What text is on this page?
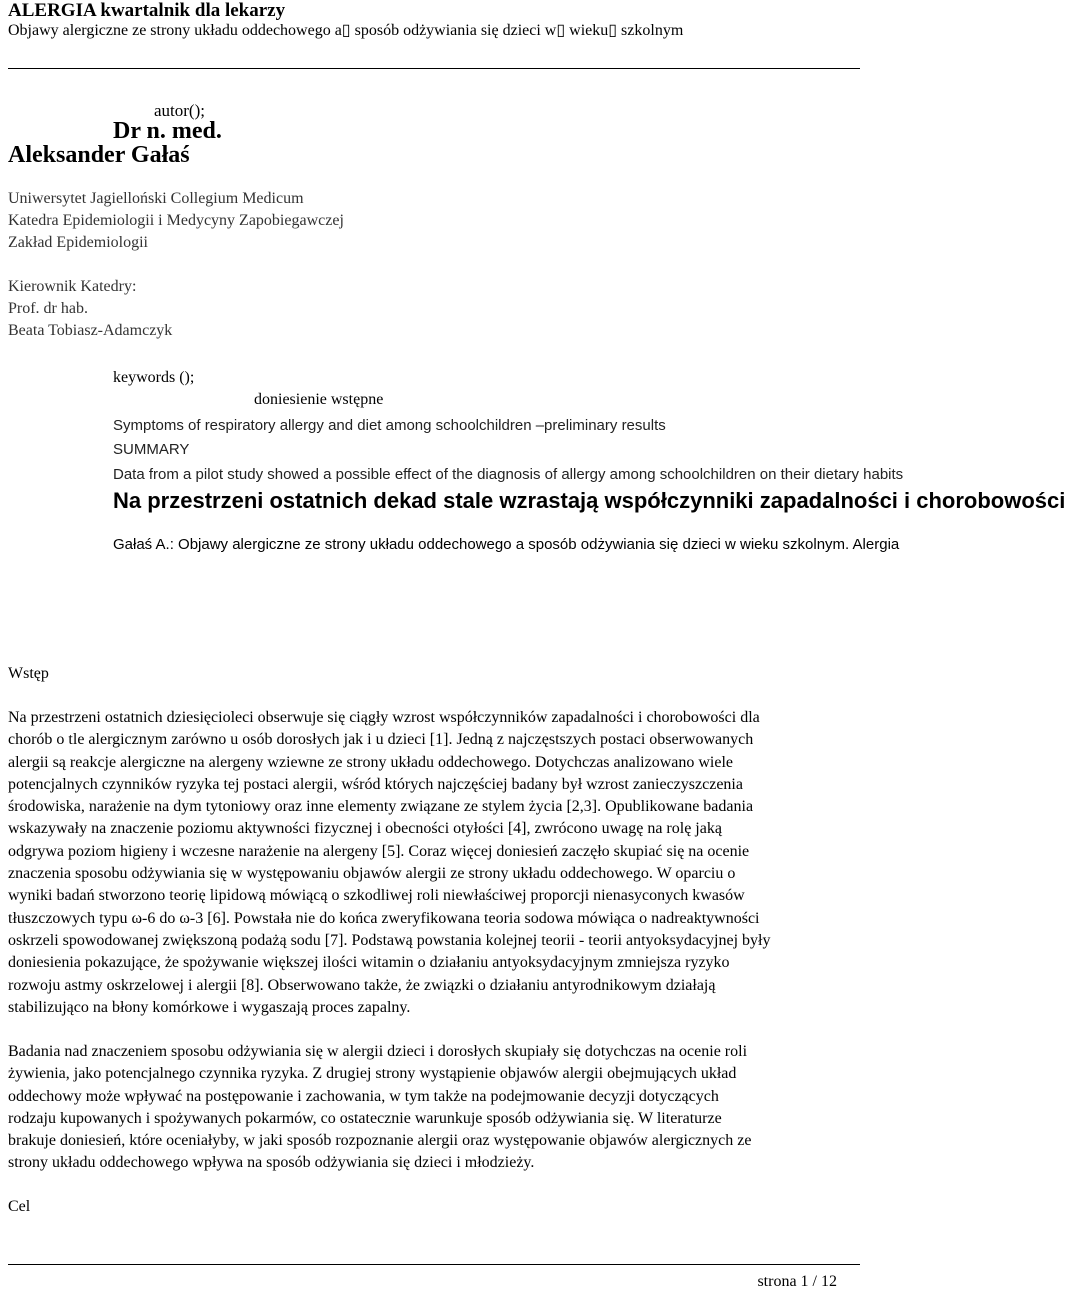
ALERGIA kwartalnik dla lekarzy
Objawy alergiczne ze strony układu oddechowego a▯ sposób odżywiania się dzieci w▯ wieku▯ szkolnym
autor();
Dr n. med.
Aleksander Gałaś
Uniwersytet Jagielloński Collegium Medicum
Katedra Epidemiologii i Medycyny Zapobiegawczej
Zakład Epidemiologii
Kierownik Katedry:
Prof. dr hab.
Beata Tobiasz-Adamczyk
keywords ();
doniesienie wstępne
Symptoms of respiratory allergy and diet among schoolchildren –preliminary results
SUMMARY
Data from a pilot study showed a possible effect of the diagnosis of allergy among schoolchildren on their dietary habits
Na przestrzeni ostatnich dekad stale wzrastają współczynniki zapadalności i chorobowości
Gałaś A.: Objawy alergiczne ze strony układu oddechowego a sposób odżywiania się dzieci w wieku szkolnym. Alergia
Wstęp
Na przestrzeni ostatnich dziesięcioleci obserwuje się ciągły wzrost współczynników zapadalności i chorobowości dla
chorób o tle alergicznym zarówno u osób dorosłych jak i u dzieci [1]. Jedną z najczęstszych postaci obserwowanych
alergii są reakcje alergiczne na alergeny wziewne ze strony układu oddechowego. Dotychczas analizowano wiele
potencjalnych czynników ryzyka tej postaci alergii, wśród których najczęściej badany był wzrost zanieczyszczenia
środowiska, narażenie na dym tytoniowy oraz inne elementy związane ze stylem życia [2,3]. Opublikowane badania
wskazywały na znaczenie poziomu aktywności fizycznej i obecności otyłości [4], zwrócono uwagę na rolę jaką
odgrywa poziom higieny i wczesne narażenie na alergeny [5]. Coraz więcej doniesień zaczęło skupiać się na ocenie
znaczenia sposobu odżywiania się w występowaniu objawów alergii ze strony układu oddechowego. W oparciu o
wyniki badań stworzono teorię lipidową mówiącą o szkodliwej roli niewłaściwej proporcji nienasyconych kwasów
tłuszczowych typu ω-6 do ω-3 [6]. Powstała nie do końca zweryfikowana teoria sodowa mówiąca o nadreaktywności
oskrzeli spowodowanej zwiększoną podażą sodu [7]. Podstawą powstania kolejnej teorii - teorii antyoksydacyjnej były
doniesienia pokazujące, że spożywanie większej ilości witamin o działaniu antyoksydacyjnym zmniejsza ryzyko
rozwoju astmy oskrzelowej i alergii [8]. Obserwowano także, że związki o działaniu antyrodnikowym działają
stabilizująco na błony komórkowe i wygaszają proces zapalny.
Badania nad znaczeniem sposobu odżywiania się w alergii dzieci i dorosłych skupiały się dotychczas na ocenie roli
żywienia, jako potencjalnego czynnika ryzyka. Z drugiej strony wystąpienie objawów alergii obejmujących układ
oddechowy może wpływać na postępowanie i zachowania, w tym także na podejmowanie decyzji dotyczących
rodzaju kupowanych i spożywanych pokarmów, co ostatecznie warunkuje sposób odżywiania się. W literaturze
brakuje doniesień, które oceniałyby, w jaki sposób rozpoznanie alergii oraz występowanie objawów alergicznych ze
strony układu oddechowego wpływa na sposób odżywiania się dzieci i młodzieży.
Cel
strona 1 / 12
